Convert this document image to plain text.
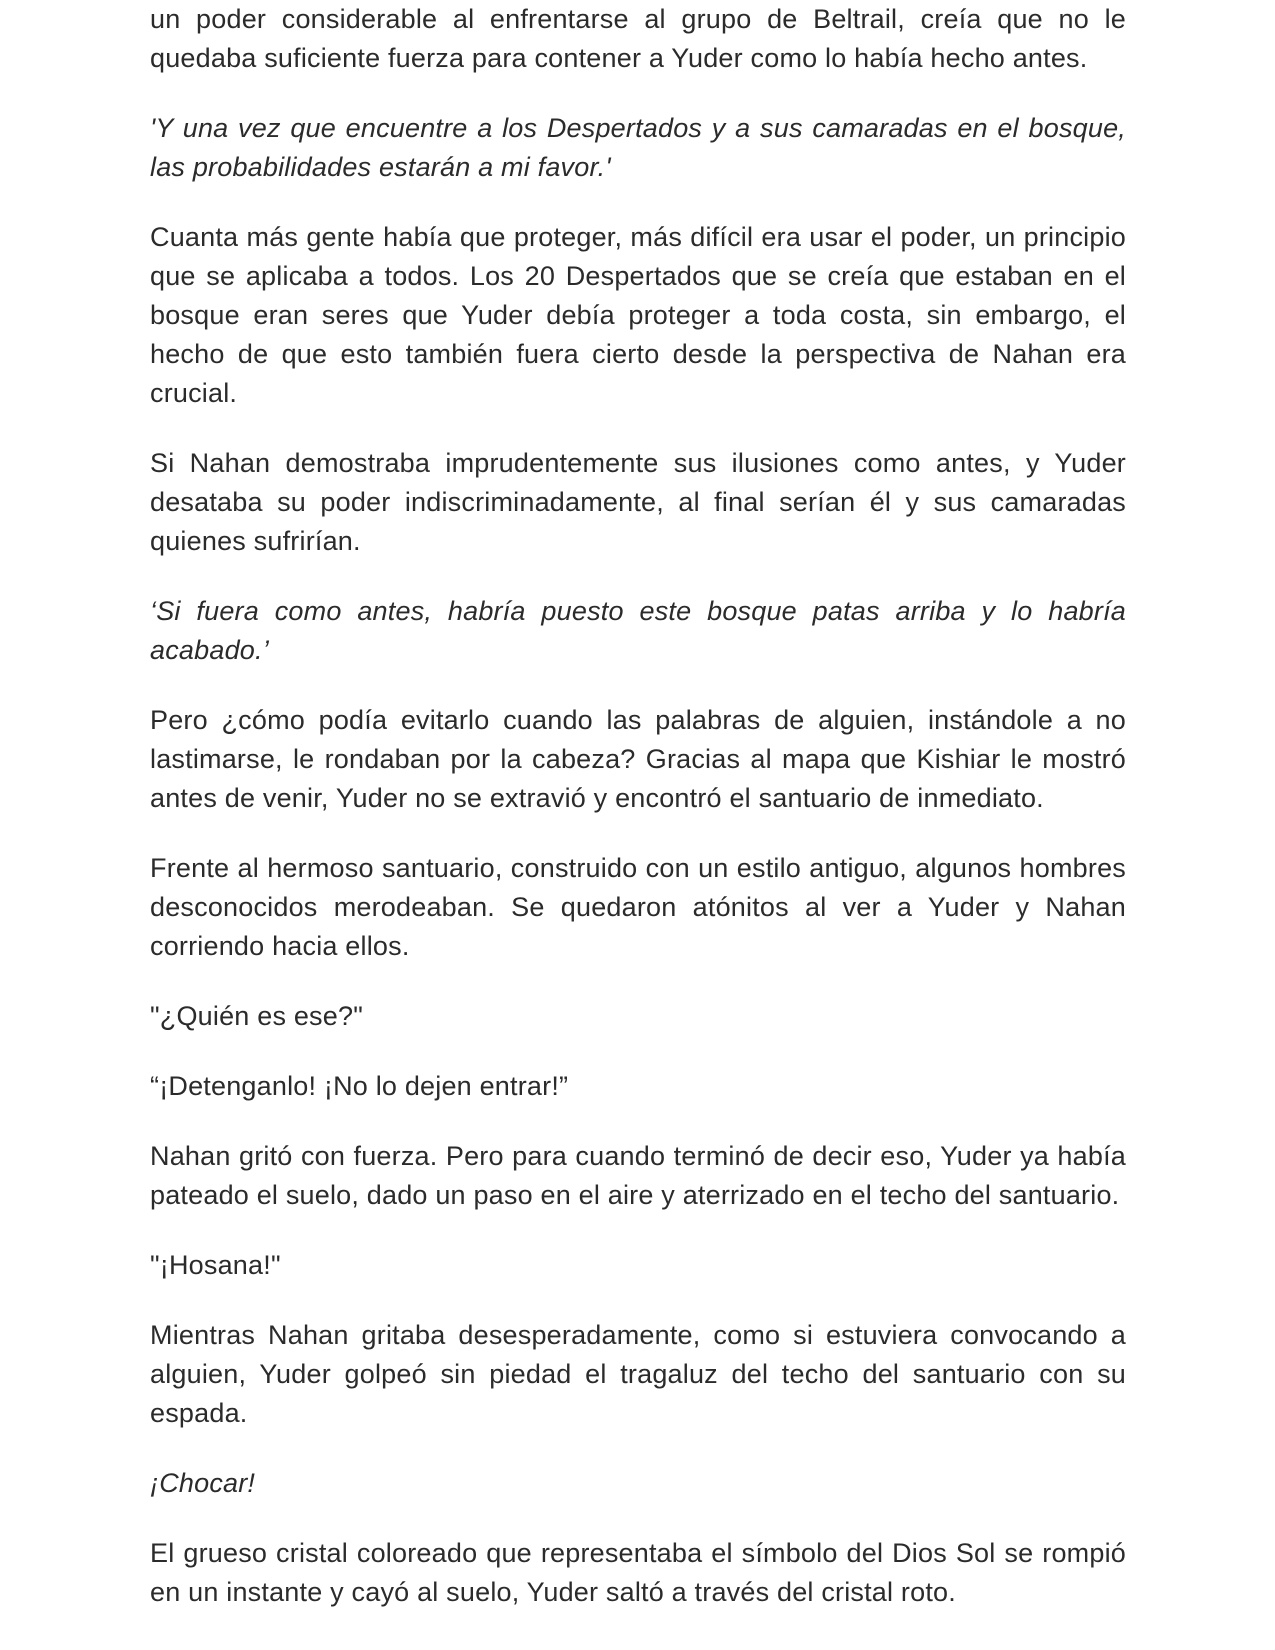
un poder considerable al enfrentarse al grupo de Beltrail, creía que no le quedaba suficiente fuerza para contener a Yuder como lo había hecho antes.

'Y una vez que encuentre a los Despertados y a sus camaradas en el bosque, las probabilidades estarán a mi favor.'

Cuanta más gente había que proteger, más difícil era usar el poder, un principio que se aplicaba a todos. Los 20 Despertados que se creía que estaban en el bosque eran seres que Yuder debía proteger a toda costa, sin embargo, el hecho de que esto también fuera cierto desde la perspectiva de Nahan era crucial.

Si Nahan demostraba imprudentemente sus ilusiones como antes, y Yuder desataba su poder indiscriminadamente, al final serían él y sus camaradas quienes sufrirían.

‘Si fuera como antes, habría puesto este bosque patas arriba y lo habría acabado.’

Pero ¿cómo podía evitarlo cuando las palabras de alguien, instándole a no lastimarse, le rondaban por la cabeza? Gracias al mapa que Kishiar le mostró antes de venir, Yuder no se extravió y encontró el santuario de inmediato.

Frente al hermoso santuario, construido con un estilo antiguo, algunos hombres desconocidos merodeaban. Se quedaron atónitos al ver a Yuder y Nahan corriendo hacia ellos.

"¿Quién es ese?"

“¡Detenganlo! ¡No lo dejen entrar!”

Nahan gritó con fuerza. Pero para cuando terminó de decir eso, Yuder ya había pateado el suelo, dado un paso en el aire y aterrizado en el techo del santuario.

"¡Hosana!"

Mientras Nahan gritaba desesperadamente, como si estuviera convocando a alguien, Yuder golpeó sin piedad el tragaluz del techo del santuario con su espada.

¡Chocar!

El grueso cristal coloreado que representaba el símbolo del Dios Sol se rompió en un instante y cayó al suelo, Yuder saltó a través del cristal roto.
